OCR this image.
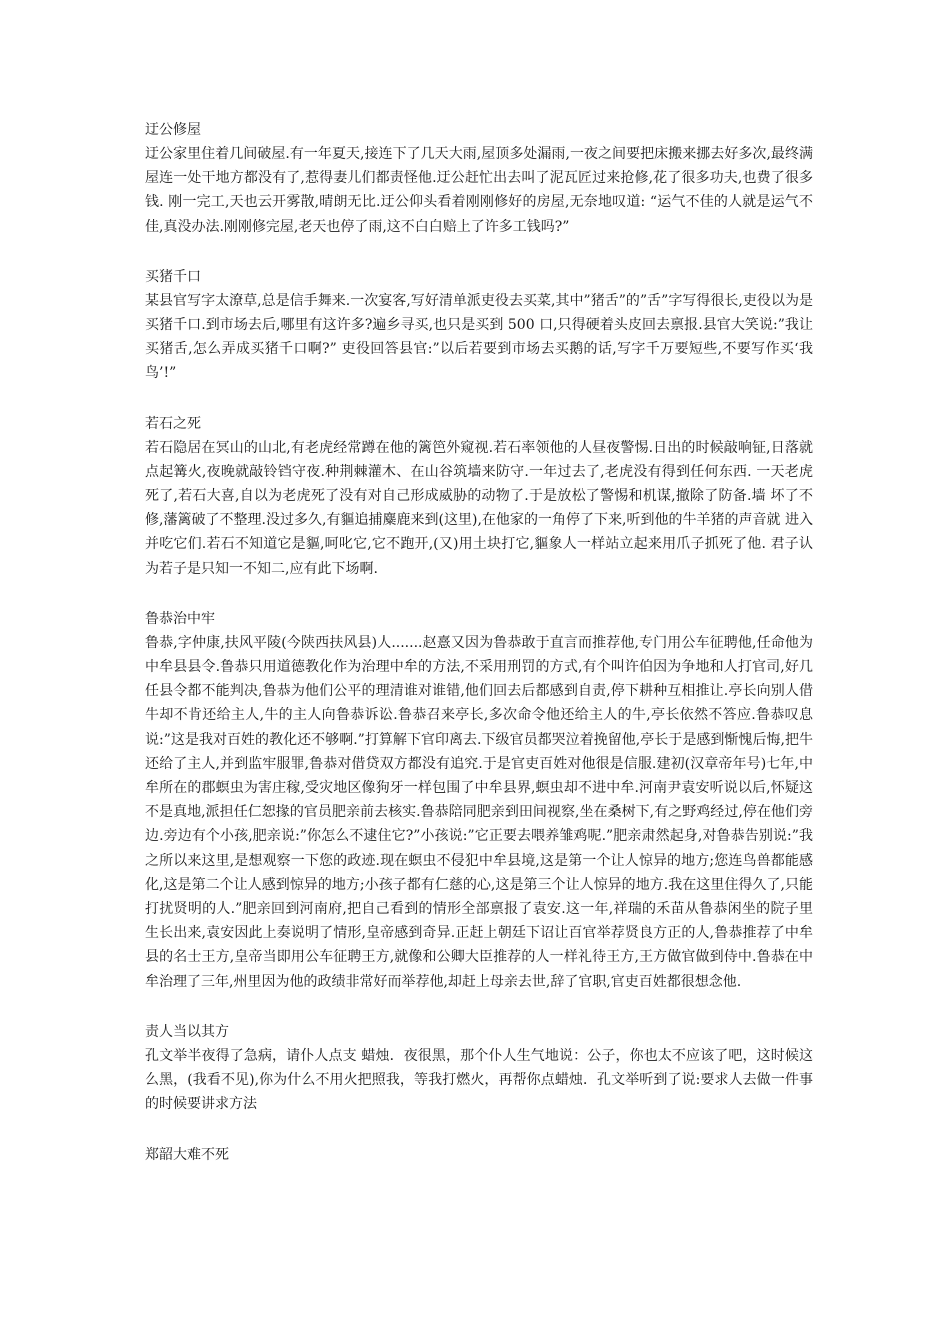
迂公修屋

迂公家里住着几间破屋.有一年夏天,接连下了几天大雨,屋顶多处漏雨,一夜之间要把床搬来挪去好多次,最终满屋连一处干地方都没有了,惹得妻儿们都责怪他.迂公赶忙出去叫了泥瓦匠过来抢修,花了很多功夫,也费了很多钱. 刚一完工,天也云开雾散,晴朗无比.迂公仰头看着刚刚修好的房屋,无奈地叹道: “运气不佳的人就是运气不佳,真没办法.刚刚修完屋,老天也停了雨,这不白白赔上了许多工钱吗?”

买猪千口

某县官写字太潦草,总是信手舞来.一次宴客,写好清单派吏役去买菜,其中”猪舌”的”舌”字写得很长,吏役以为是买猪千口.到市场去后,哪里有这许多?遍乡寻买,也只是买到 500 口,只得硬着头皮回去禀报.县官大笑说:”我让买猪舌,怎么弄成买猪千口啊?” 吏役回答县官:”以后若要到市场去买鹅的话,写字千万要短些,不要写作买‘我鸟’!”

若石之死

若石隐居在冥山的山北,有老虎经常蹲在他的篱笆外窥视.若石率领他的人昼夜警惕.日出的时候敲响钲,日落就点起篝火,夜晚就敲铃铛守夜.种荆棘灌木、在山谷筑墙来防守.一年过去了,老虎没有得到任何东西. 一天老虎死了,若石大喜,自以为老虎死了没有对自己形成威胁的动物了.于是放松了警惕和机谋,撤除了防备.墙 坏了不修,藩篱破了不整理.没过多久,有貙追捕麋鹿来到(这里),在他家的一角停了下来,听到他的牛羊猪的声音就 进入并吃它们.若石不知道它是貙,呵叱它,它不跑开,(又)用土块打它,貙象人一样站立起来用爪子抓死了他. 君子认为若子是只知一不知二,应有此下场啊.

鲁恭治中牢

鲁恭,字仲康,扶风平陵(今陕西扶风县)人.......赵憙又因为鲁恭敢于直言而推荐他,专门用公车征聘他,任命他为中牟县县令.鲁恭只用道德教化作为治理中牟的方法,不采用刑罚的方式,有个叫许伯因为争地和人打官司,好几任县令都不能判决,鲁恭为他们公平的理清谁对谁错,他们回去后都感到自责,停下耕种互相推让.亭长向别人借牛却不肯还给主人,牛的主人向鲁恭诉讼.鲁恭召来亭长,多次命令他还给主人的牛,亭长依然不答应.鲁恭叹息说:”这是我对百姓的教化还不够啊.”打算解下官印离去.下级官员都哭泣着挽留他,亭长于是感到惭愧后悔,把牛还给了主人,并到监牢服罪,鲁恭对借贷双方都没有追究.于是官吏百姓对他很是信服.建初(汉章帝年号)七年,中牟所在的郡螟虫为害庄稼,受灾地区像狗牙一样包围了中牟县界,螟虫却不进中牟.河南尹袁安听说以后,怀疑这不是真地,派担任仁恕掾的官员肥亲前去核实.鲁恭陪同肥亲到田间视察,坐在桑树下,有之野鸡经过,停在他们旁边.旁边有个小孩,肥亲说:”你怎么不逮住它?”小孩说:”它正要去喂养雏鸡呢.”肥亲肃然起身,对鲁恭告别说:”我之所以来这里,是想观察一下您的政迹.现在螟虫不侵犯中牟县境,这是第一个让人惊异的地方;您连鸟兽都能感化,这是第二个让人感到惊异的地方;小孩子都有仁慈的心,这是第三个让人惊异的地方.我在这里住得久了,只能打扰贤明的人.”肥亲回到河南府,把自己看到的情形全部禀报了袁安.这一年,祥瑞的禾苗从鲁恭闲坐的院子里生长出来,袁安因此上奏说明了情形,皇帝感到奇异.正赶上朝廷下诏让百官举荐贤良方正的人,鲁恭推荐了中牟县的名士王方,皇帝当即用公车征聘王方,就像和公卿大臣推荐的人一样礼待王方,王方做官做到侍中.鲁恭在中牟治理了三年,州里因为他的政绩非常好而举荐他,却赶上母亲去世,辞了官职,官吏百姓都很想念他.

责人当以其方

孔文举半夜得了急病，请仆人点支 蜡烛．夜很黑，那个仆人生气地说：公子，你也太不应该了吧，这时候这么黑，(我看不见),你为什么不用火把照我，等我打燃火，再帮你点蜡烛．孔文举听到了说:要求人去做一件事的时候要讲求方法

郑韶大难不死
